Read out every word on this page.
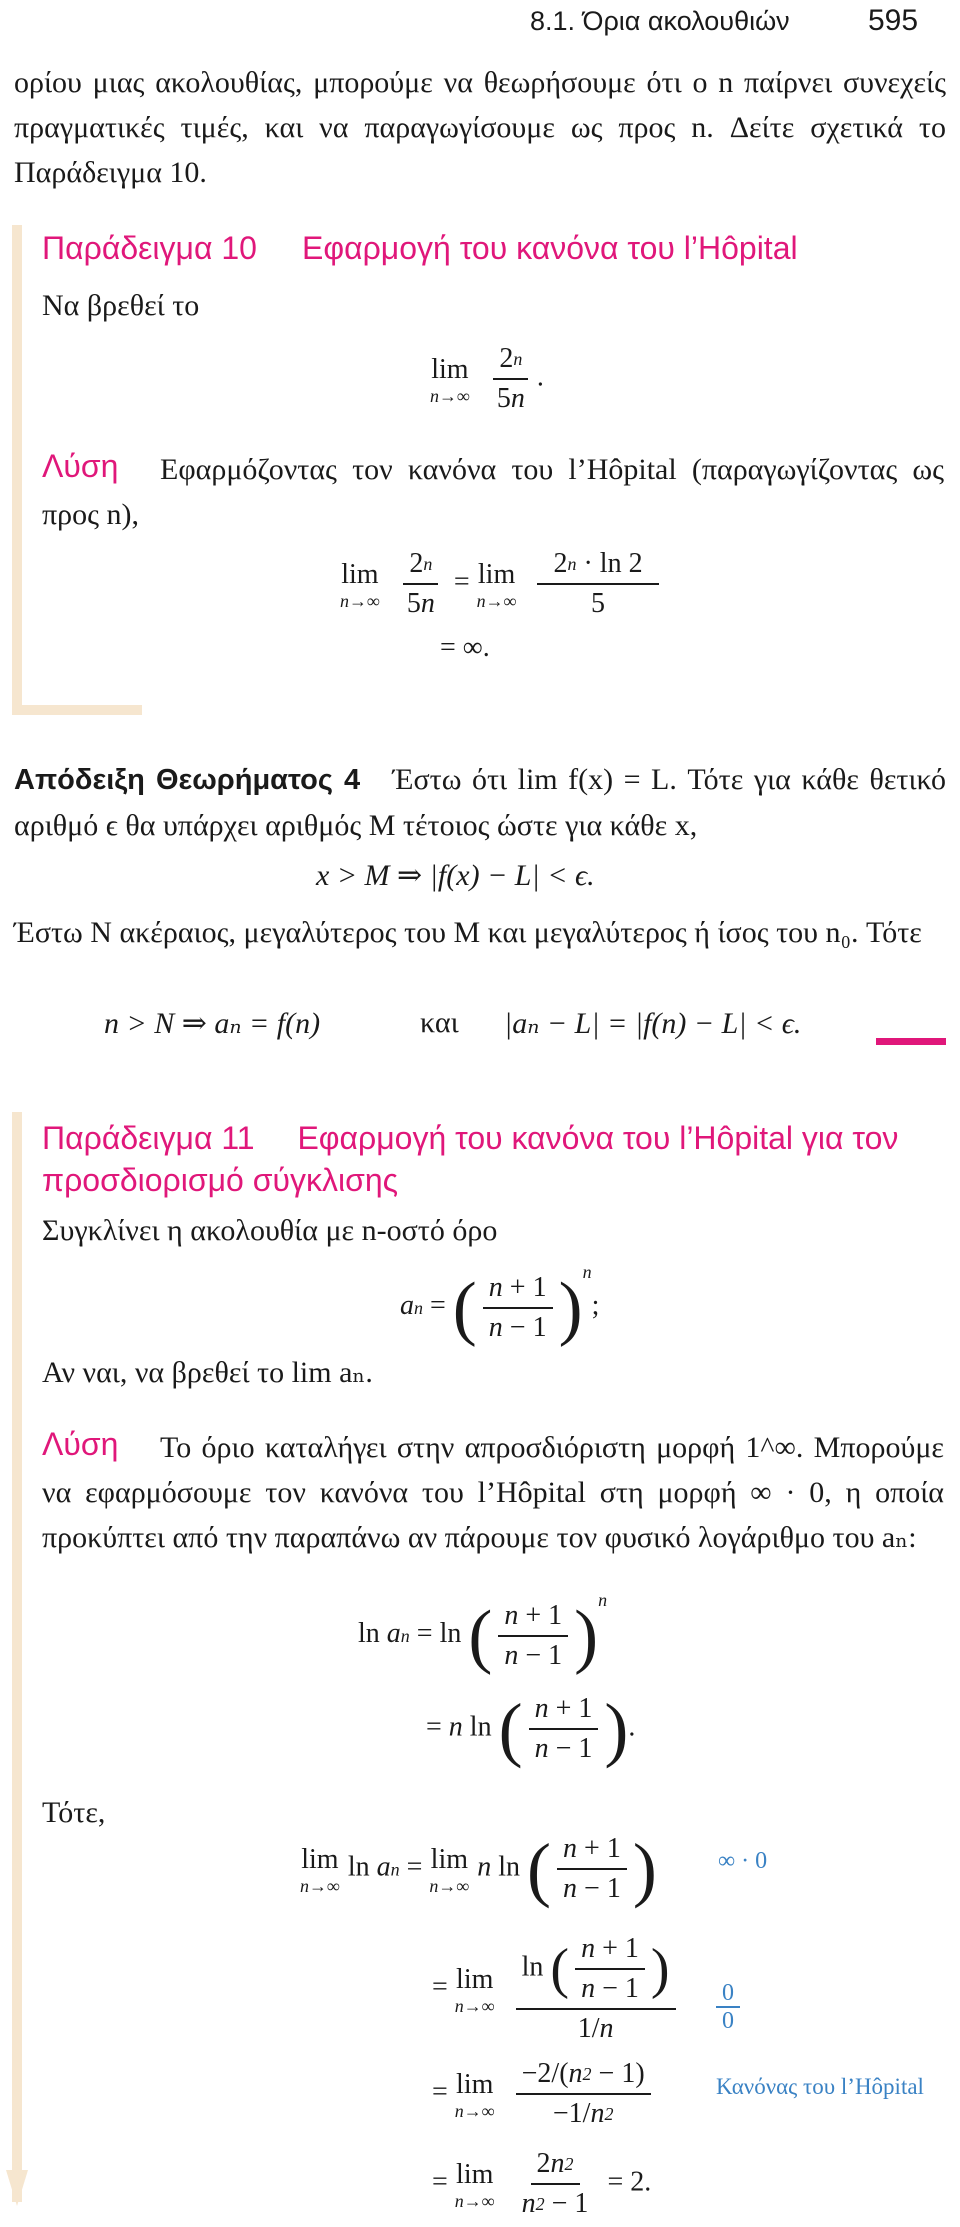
8.1. Όρια ακολουθιών	595
ορίου μιας ακολουθίας, μπορούμε να θεωρήσουμε ότι ο n παίρνει συνεχείς πραγματικές τιμές, και να παραγωγίσουμε ως προς n. Δείτε σχετικά το Παράδειγμα 10.
Παράδειγμα 10 Εφαρμογή του κανόνα του l’Hôpital
Να βρεθεί το
lim
n→∞
$\frac{2^n}{5n}$ .
Λύση	Εφαρμόζοντας τον κανόνα του l’Hôpital (παραγωγίζοντας ως προς n),
lim
n→∞
$\frac{2^n}{5n} = \lim$
n→∞
$\frac{2^n \cdot \ln 2}{5}$
= ∞.
Απόδειξη Θεωρήματος 4 Έστω ότι lim f(x) = L. Τότε για κάθε θετικό αριθμό ϵ θα υπάρχει αριθμός M τέτοιος ώστε για κάθε x,
x > M ⇒ |f(x) − L| < ϵ.
Έστω N ακέραιος, μεγαλύτερος του M και μεγαλύτερος ή ίσος του n₀. Τότε
n > N ⇒ aₙ = f(n)	και |aₙ − L| = |f(n) − L| < ϵ.
Παράδειγμα 11 Εφαρμογή του κανόνα του l’Hôpital για τον προσδιορισμό σύγκλισης
Συγκλίνει η ακολουθία με n-οστό όρο
an = ( $\frac{n + 1}{n - 1} )^n$;
Αν ναι, να βρεθεί το lim aₙ.
Λύση	Το όριο καταλήγει στην απροσδιόριστη μορφή 1^∞. Μπορούμε να εφαρμόσουμε τον κανόνα του l’Hôpital στη μορφή ∞ · 0, η οποία προκύπτει από την παραπάνω αν πάρουμε τον φυσικό λογάριθμο του aₙ:
ln an = ln ( $\frac{n + 1}{n - 1} )^n$
= n ln ( $\frac{n + 1}{n - 1}$ ).
Τότε,
lim
n→∞
ln an = lim
n→∞
n ln ( $\frac{n + 1}{n - 1}$ )	∞ · 0
= lim
n→∞
$\frac{\ln ( \frac{n + 1}{n - 1} )}{1/n} \frac{0}{0}$
= lim
n→∞
$\frac{-2/(n^2 - 1)}{-1/n^2}$	Κανόνας του l’Hôpital
= lim
n→∞
$\frac{2n^2}{n^2 - 1} = 2$.
